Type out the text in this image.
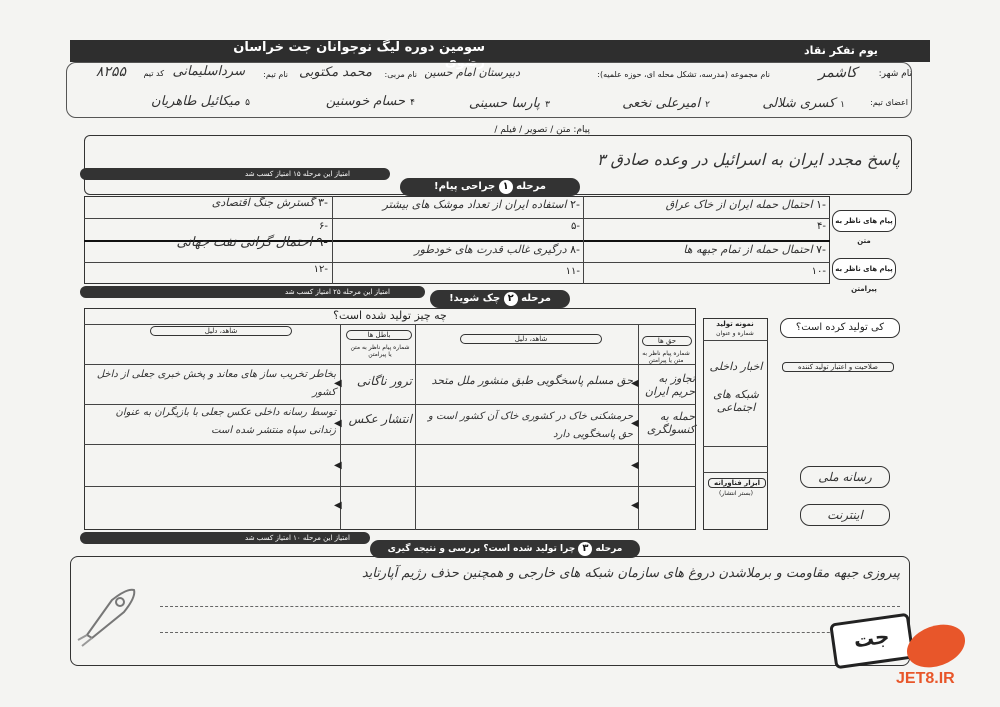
یوم تفکر نقاد
سومین دوره لیگ نوجوانان جت خراسان رضوی
نام شهر:
کاشمر
نام مجموعه (مدرسه، تشکل محله ای، حوزه علمیه):
دبیرستان امام حسین
نام مربی:
محمد مکتوبی
نام تیم:
سرداسلیمانی
کد تیم
۸۲۵۵
اعضای تیم:
۱ کسری شلالی
۲ امیرعلی نخعی
۳ پارسا حسینی
۴ حسام خوسنین
۵ میکائیل طاهریان
پیام: متن / تصویر / فیلم /
پاسخ مجدد ایران به اسرائیل در وعده صادق ۳
امتیاز این مرحله ۱۵ امتیاز کسب شد
مرحله ۱ جراحی پیام!
پیام های ناظر به متن
پیام های ناظر به پیرامتن
-۱ احتمال حمله ایران از خاک عراق
-۲ استفاده ایران از تعداد موشک های بیشتر
-۳ گسترش جنگ اقتصادی
-۴
-۵
-۶
-۷ احتمال حمله از تمام جبهه ها
-۸ درگیری غالب قدرت های خودطور
-۹ احتمال گرانی نفت جهانی
-۱۰
-۱۱
-۱۲
امتیاز این مرحله ۲۵ امتیاز کسب شد
مرحله ۲ چک شوید!
چه چیز تولید شده است؟
شاهد، دلیل	باطل ها
شماره پیام ناظر به متن یا پیرامتن
شاهد، دلیل	حق ها
شماره پیام ناظر به متن یا پیرامتن
تجاوز به حریم ایران
حق مسلم پاسخگویی طبق منشور ملل متحد
ترور ناگانی
بخاطر تخریب ساز های معاند و پخش خبری جعلی از داخل کشور
حمله به کنسولگری
حرمشکنی خاک در کشوری خاک آن کشور است و حق پاسخگویی دارد
انتشار عکس
توسط رسانه داخلی عکس جعلی با بازیگران به عنوان زندانی سپاه منتشر شده است
◀
◀
◀
◀
◀
◀
◀
◀
کی تولید کرده است؟
نمونه تولید
شماره و عنوان
اخبار داخلی
شبکه های اجتماعی
ابزار فناورانه
(بستر انتشار)
صلاحیت و اعتبار تولید کننده
رسانه ملی
اینترنت
امتیاز این مرحله ۱۰ امتیاز کسب شد
مرحله ۳ چرا تولید شده است؟ بررسی و نتیجه گیری
پیروزی جبهه مقاومت و برملاشدن دروغ های سازمان شبکه های خارجی و همچنین حذف رژیم آپارتاید
جت
JET8.IR
